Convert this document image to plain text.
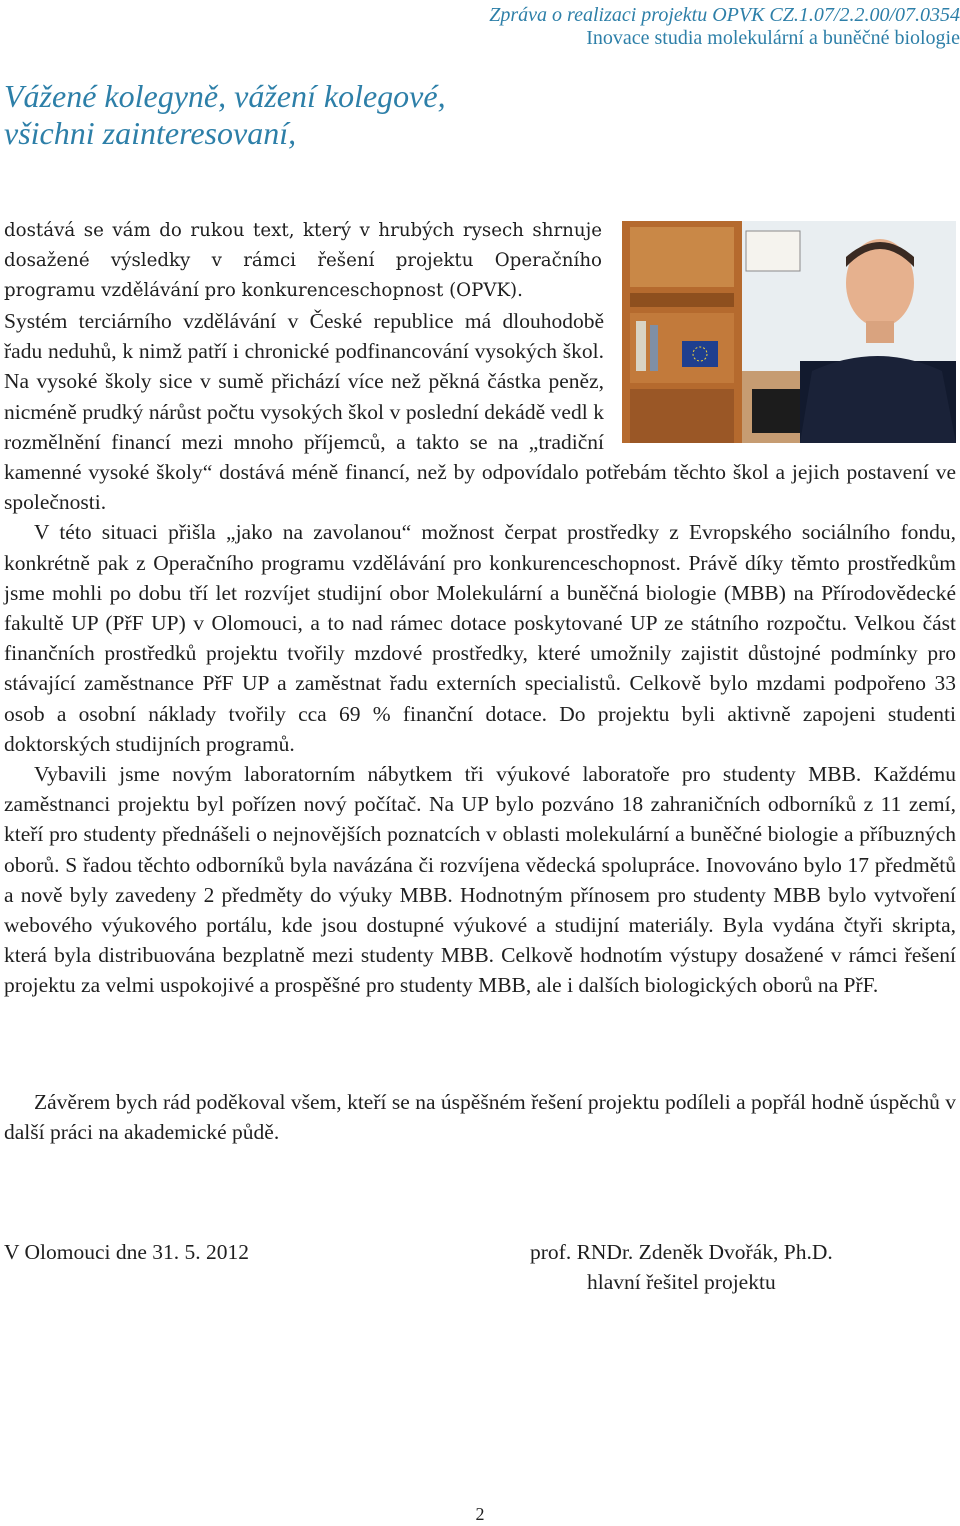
Zpráva o realizaci projektu OPVK CZ.1.07/2.2.00/07.0354
Inovace studia molekulární a buněčné biologie
Vážené kolegyně, vážení kolegové,
všichni zainteresovaní,

dostává se vám do rukou text, který v hrubých rysech shrnuje dosažené výsledky v rámci řešení projektu Operačního programu vzdělávání pro konkurenceschopnost (OPVK).

Systém terciárního vzdělávání v České republice má dlouhodobě řadu neduhů, k nimž patří i chronické podfinancování vysokých škol. Na vysoké školy sice v sumě přichází více než pěkná částka peněz, nicméně prudký nárůst počtu vysokých škol v poslední dekádě vedl k rozmělnění financí mezi mnoho příjemců, a takto se na „tradiční kamenné vysoké školy“ dostává méně financí, než by odpovídalo potřebám těchto škol a jejich postavení ve společnosti.

V této situaci přišla „jako na zavolanou“ možnost čerpat prostředky z Evropského sociálního fondu, konkrétně pak z Operačního programu vzdělávání pro konkurenceschopnost. Právě díky těmto prostředkům jsme mohli po dobu tří let rozvíjet studijní obor Molekulární a buněčná biologie (MBB) na Přírodovědecké fakultě UP (PřF UP) v Olomouci, a to nad rámec dotace poskytované UP ze státního rozpočtu. Velkou část finančních prostředků projektu tvořily mzdové prostředky, které umožnily zajistit důstojné podmínky pro stávající zaměstnance PřF UP a zaměstnat řadu externích specialistů. Celkově bylo mzdami podpořeno 33 osob a osobní náklady tvořily cca 69 % finanční dotace. Do projektu byli aktivně zapojeni studenti doktorských studijních programů.

Vybavili jsme novým laboratorním nábytkem tři výukové laboratoře pro studenty MBB. Každému zaměstnanci projektu byl pořízen nový počítač. Na UP bylo pozváno 18 zahraničních odborníků z 11 zemí, kteří pro studenty přednášeli o nejnovějších poznatcích v oblasti molekulární a buněčné biologie a příbuzných oborů. S řadou těchto odborníků byla navázána či rozvíjena vědecká spolupráce. Inovováno bylo 17 předmětů a nově byly zavedeny 2 předměty do výuky MBB. Hodnotným přínosem pro studenty MBB bylo vytvoření webového výukového portálu, kde jsou dostupné výukové a studijní materiály. Byla vydána čtyři skripta, která byla distribuována bezplatně mezi studenty MBB. Celkově hodnotím výstupy dosažené v rámci řešení projektu za velmi uspokojivé a prospěšné pro studenty MBB, ale i dalších biologických oborů na PřF.

Závěrem bych rád poděkoval všem, kteří se na úspěšném řešení projektu podíleli a popřál hodně úspěchů v další práci na akademické půdě.

V Olomouci dne 31. 5. 2012	prof. RNDr. Zdeněk Dvořák, Ph.D.
hlavní řešitel projektu
2
